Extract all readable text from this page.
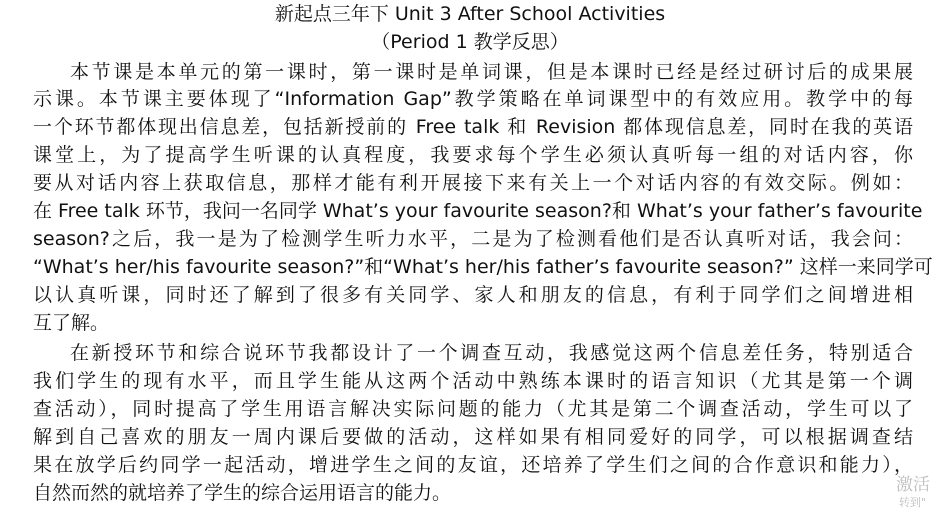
新起点三年下 Unit 3 After School Activities
（Period 1 教学反思）
本节课是本单元的第一课时，第一课时是单词课，但是本课时已经是经过研讨后的成果展
示课。本节课主要体现了“Information Gap”教学策略在单词课型中的有效应用。教学中的每
一个环节都体现出信息差，包括新授前的 Free talk 和 Revision 都体现信息差，同时在我的英语
课堂上，为了提高学生听课的认真程度，我要求每个学生必须认真听每一组的对话内容，你
要从对话内容上获取信息，那样才能有利开展接下来有关上一个对话内容的有效交际。例如：
在 Free talk 环节，我问一名同学 What’s your favourite season?和 What’s your father’s favourite
season?之后，我一是为了检测学生听力水平，二是为了检测看他们是否认真听对话，我会问：
“What’s her/his favourite season?”和“What’s her/his father’s favourite season?” 这样一来同学可
以认真听课，同时还了解到了很多有关同学、家人和朋友的信息，有利于同学们之间增进相
互了解。
在新授环节和综合说环节我都设计了一个调查互动，我感觉这两个信息差任务，特别适合
我们学生的现有水平，而且学生能从这两个活动中熟练本课时的语言知识（尤其是第一个调
查活动），同时提高了学生用语言解决实际问题的能力（尤其是第二个调查活动，学生可以了
解到自己喜欢的朋友一周内课后要做的活动，这样如果有相同爱好的同学，可以根据调查结
果在放学后约同学一起活动，增进学生之间的友谊，还培养了学生们之间的合作意识和能力），
自然而然的就培养了学生的综合运用语言的能力。	激活
转到"
